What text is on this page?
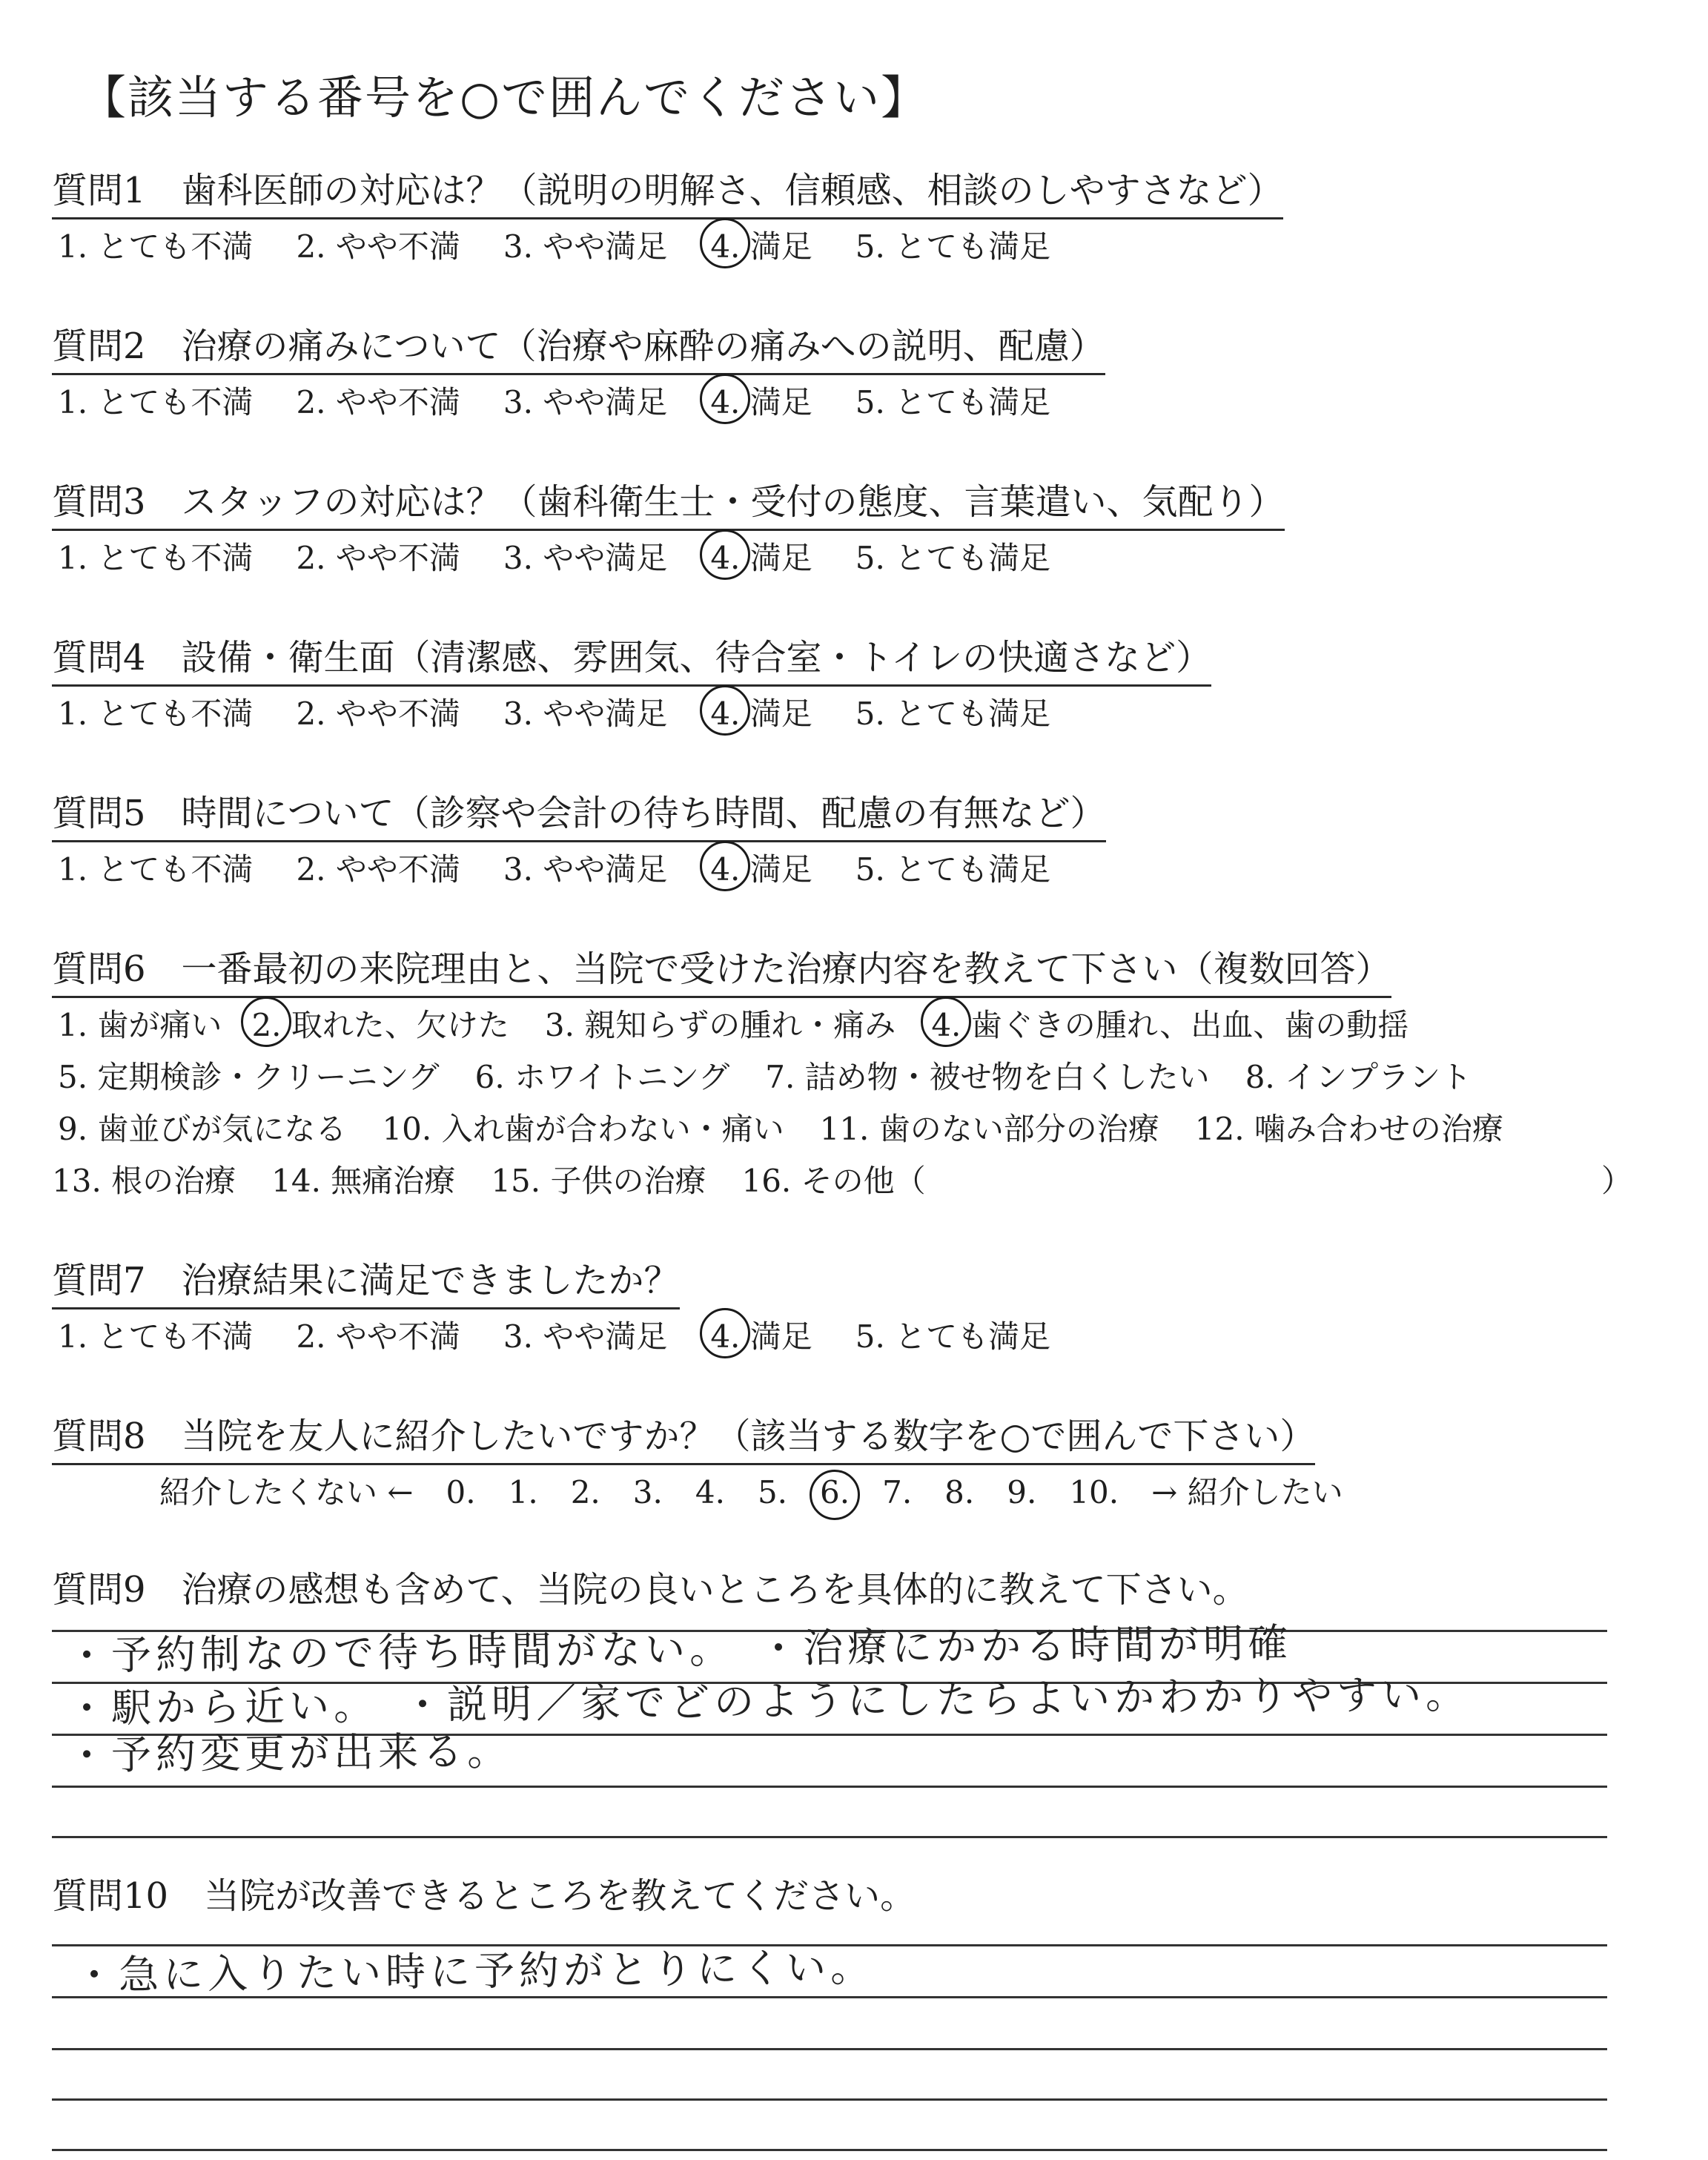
【該当する番号を○で囲んでください】
質問1　歯科医師の対応は？（説明の明解さ、信頼感、相談のしやすさなど）
1. とても不満 2. やや不満 3. やや満足 4. 満足 5. とても満足
質問2　治療の痛みについて（治療や麻酔の痛みへの説明、配慮）
1. とても不満 2. やや不満 3. やや満足 4. 満足 5. とても満足
質問3　スタッフの対応は？（歯科衛生士・受付の態度、言葉遣い、気配り）
1. とても不満 2. やや不満 3. やや満足 4. 満足 5. とても満足
質問4　設備・衛生面（清潔感、雰囲気、待合室・トイレの快適さなど）
1. とても不満 2. やや不満 3. やや満足 4. 満足 5. とても満足
質問5　時間について（診察や会計の待ち時間、配慮の有無など）
1. とても不満 2. やや不満 3. やや満足 4. 満足 5. とても満足
質問6　一番最初の来院理由と、当院で受けた治療内容を教えて下さい（複数回答）
1. 歯が痛い 2. 取れた、欠けた 3. 親知らずの腫れ・痛み 4. 歯ぐきの腫れ、出血、歯の動揺
5. 定期検診・クリーニング 6. ホワイトニング 7. 詰め物・被せ物を白くしたい 8. インプラント
9. 歯並びが気になる 10. 入れ歯が合わない・痛い 11. 歯のない部分の治療 12. 噛み合わせの治療
13. 根の治療 14. 無痛治療 15. 子供の治療 16. その他（	）
質問7　治療結果に満足できましたか？
1. とても不満 2. やや不満 3. やや満足 4. 満足 5. とても満足
質問8　当院を友人に紹介したいですか？（該当する数字を○で囲んで下さい）
紹介したくない ← 0. 1. 2. 3. 4. 5. 6. 7. 8. 9. 10. → 紹介したい
質問9　治療の感想も含めて、当院の良いところを具体的に教えて下さい。
・予約制なので待ち時間がない。　・治療にかかる時間が明確
・駅から近い。　・説明／家でどのようにしたらよいかわかりやすい。
・予約変更が出来る。
質問10　当院が改善できるところを教えてください。
・急に入りたい時に予約がとりにくい。
